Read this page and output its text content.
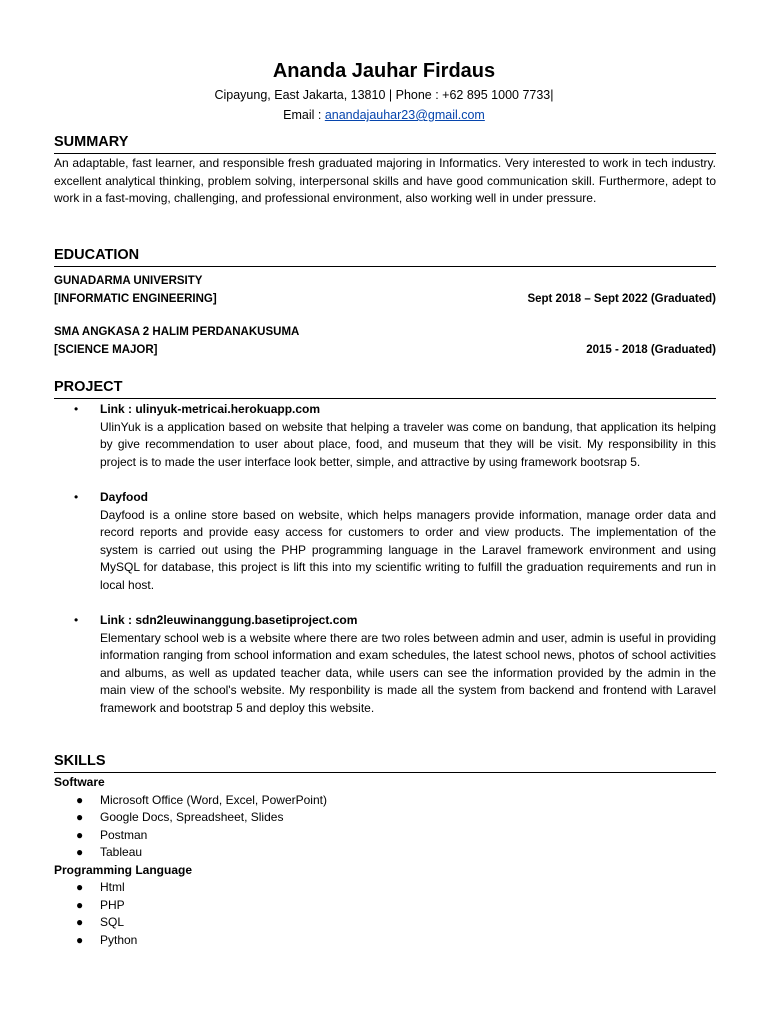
Ananda Jauhar Firdaus
Cipayung, East Jakarta, 13810 | Phone : +62 895 1000 7733|
Email : anandajauhar23@gmail.com
SUMMARY
An adaptable, fast learner, and responsible fresh graduated majoring in Informatics. Very interested to work in tech industry. excellent analytical thinking, problem solving, interpersonal skills and have good communication skill. Furthermore, adept to work in a fast-moving, challenging, and professional environment, also working well in under pressure.
EDUCATION
GUNADARMA UNIVERSITY
[INFORMATIC ENGINEERING]	Sept 2018 – Sept 2022 (Graduated)
SMA ANGKASA 2 HALIM PERDANAKUSUMA
[SCIENCE MAJOR]	2015 - 2018 (Graduated)
PROJECT
• Link : ulinyuk-metricai.herokuapp.com
UlinYuk is a application based on website that helping a traveler was come on bandung, that application its helping by give recommendation to user about place, food, and museum that they will be visit. My responsibility in this project is to made the user interface look better, simple, and attractive by using framework bootsrap 5.
• Dayfood
Dayfood is a online store based on website, which helps managers provide information, manage order data and record reports and provide easy access for customers to order and view products. The implementation of the system is carried out using the PHP programming language in the Laravel framework environment and using MySQL for database, this project is lift this into my scientific writing to fulfill the graduation requirements and run in local host.
• Link : sdn2leuwinanggung.basetiproject.com
Elementary school web is a website where there are two roles between admin and user, admin is useful in providing information ranging from school information and exam schedules, the latest school news, photos of school activities and albums, as well as updated teacher data, while users can see the information provided by the admin in the main view of the school's website. My responbility is made all the system from backend and frontend with Laravel framework and bootstrap 5 and deploy this website.
SKILLS
Software
● Microsoft Office (Word, Excel, PowerPoint)
● Google Docs, Spreadsheet, Slides
● Postman
● Tableau
Programming Language
● Html
● PHP
● SQL
● Python
